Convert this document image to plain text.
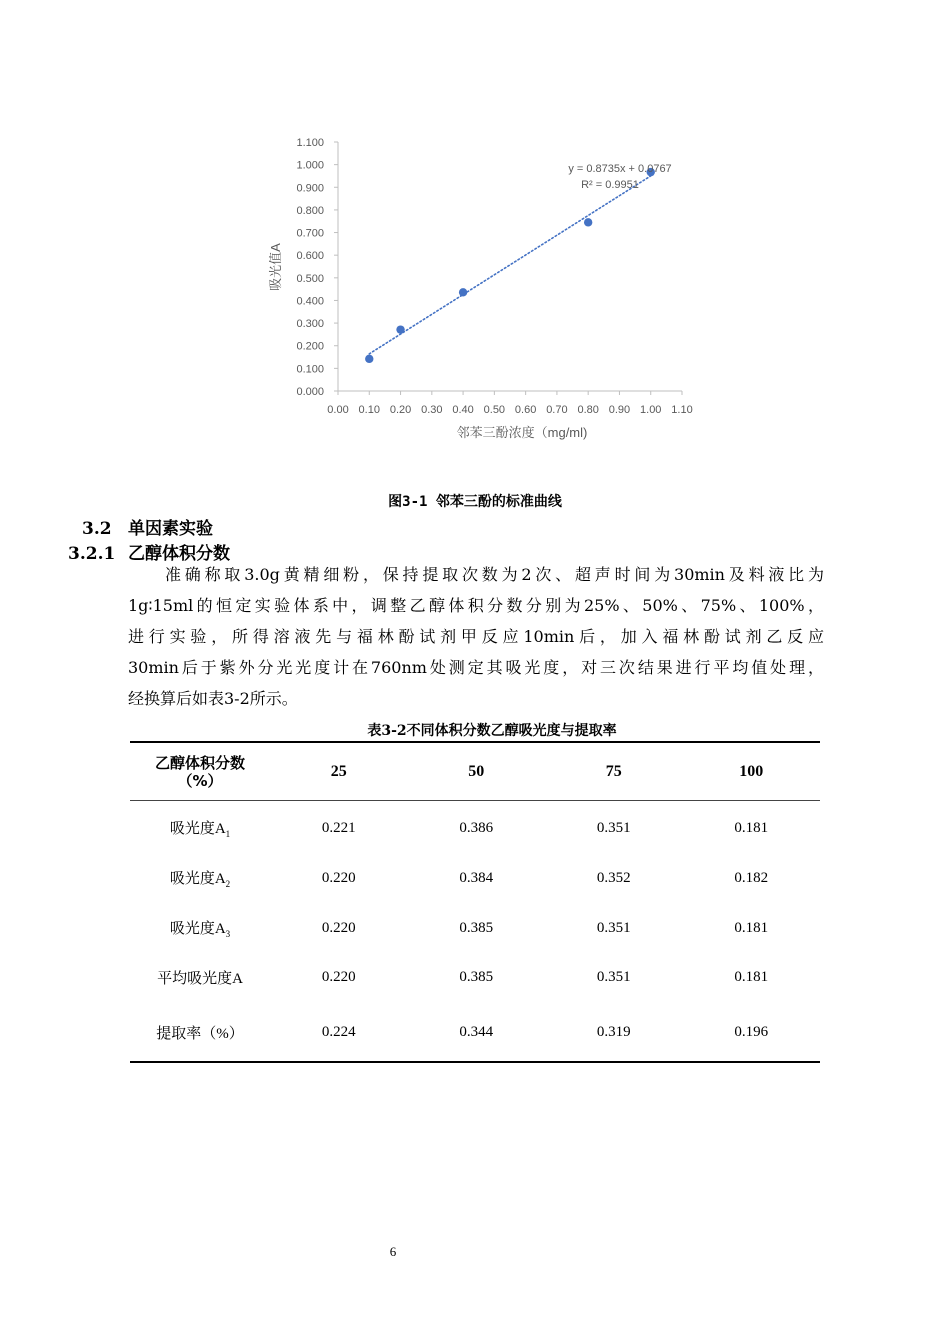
0.000
0.100
0.200
0.300
0.400
0.500
0.600
0.700
0.800
0.900
1.000
1.100
0.00 0.10 0.20 0.30 0.40 0.50 0.60 0.70 0.80 0.90 1.00 1.10
y = 0.8735x + 0.0767
R² = 0.9951
邻苯三酚浓度（mg/ml)
吸光值A
图3-1 邻苯三酚的标准曲线
3.2 单因素实验
3.2.1 乙醇体积分数
准确称取3.0g黄精细粉，保持提取次数为2次、超声时间为30min及料液比为
1g∶15ml的恒定实验体系中，调整乙醇体积分数分别为25%、50%、75%、100%，
进行实验，所得溶液先与福林酚试剂甲反应10min后，加入福林酚试剂乙反应
30min后于紫外分光光度计在760nm处测定其吸光度，对三次结果进行平均值处理，
经换算后如表3-2所示。
表3-2不同体积分数乙醇吸光度与提取率
乙醇体积分数
（%）	25	50	75	100
吸光度$A_1$	0.221	0.386	0.351	0.181
吸光度$A_2$	0.220	0.384	0.352	0.182
吸光度$A_3$	0.220	0.385	0.351	0.181
平均吸光度A	0.220	0.385	0.351	0.181
提取率（%）	0.224	0.344	0.319	0.196
6
